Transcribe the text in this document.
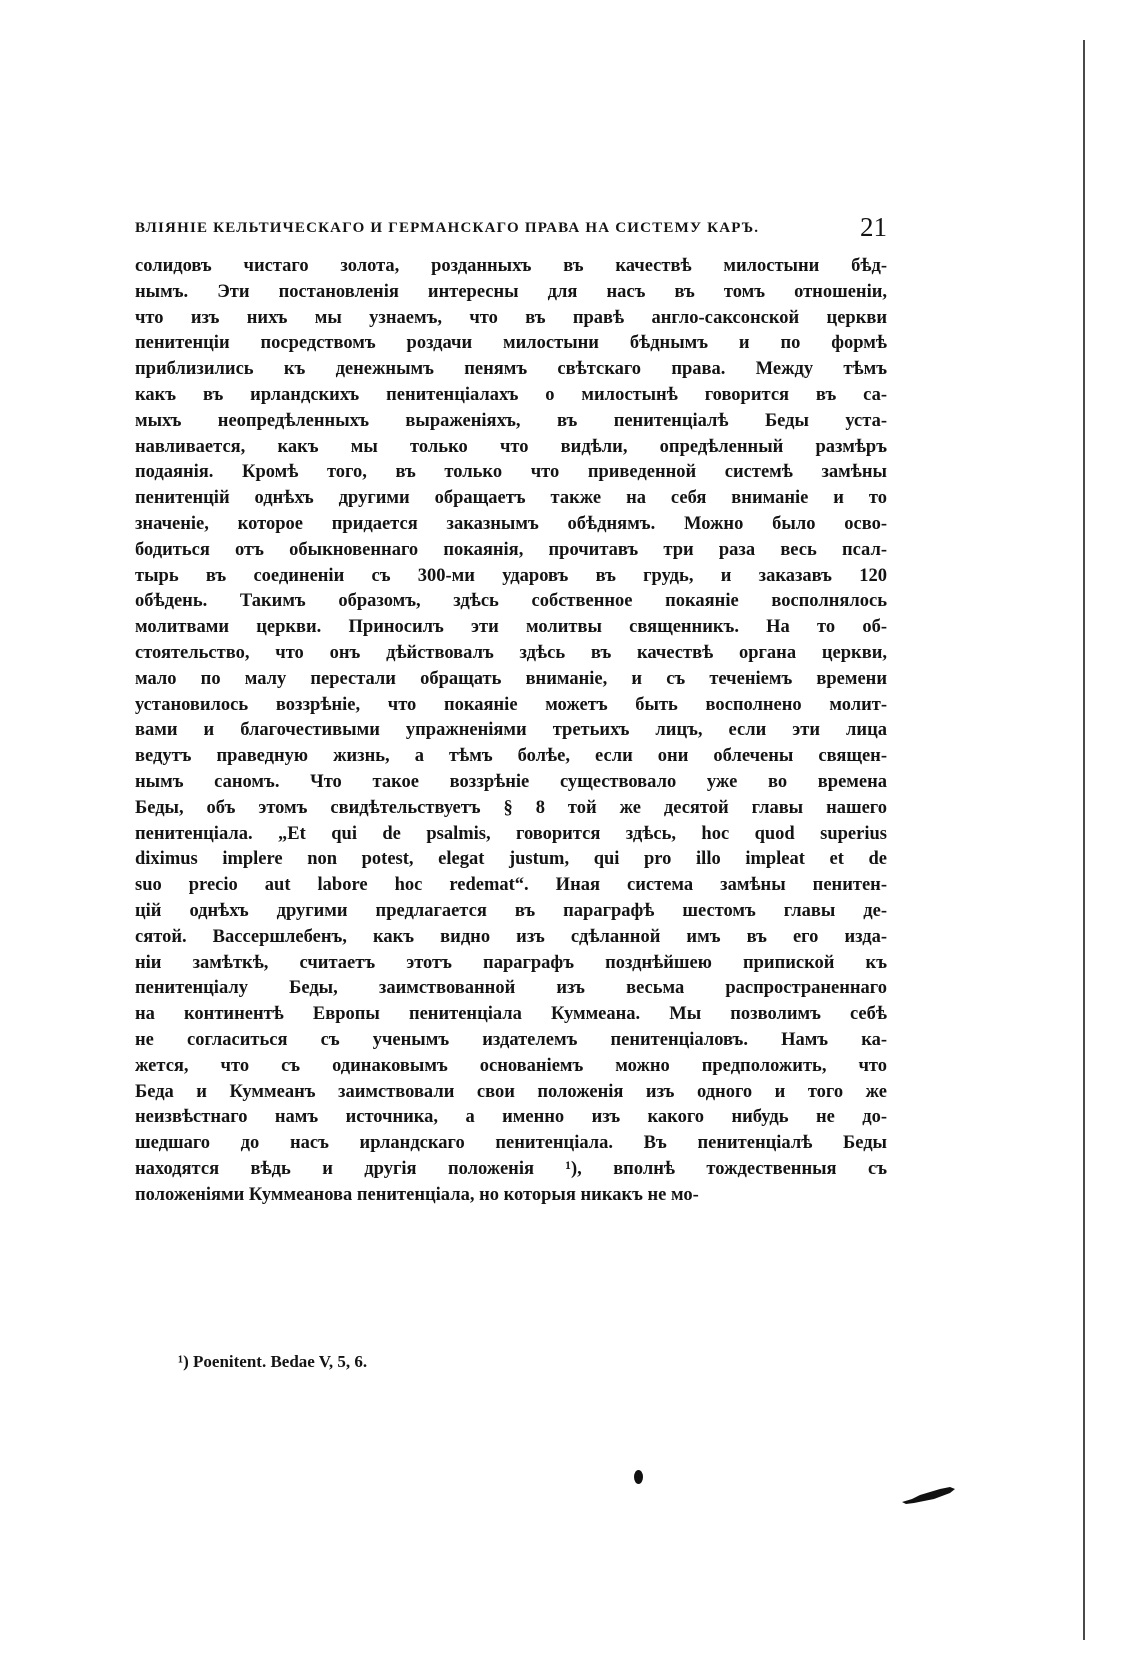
ВЛІЯНІЕ КЕЛЬТИЧЕСКАГО И ГЕРМАНСКАГО ПРАВА НА СИСТЕМУ КАРЪ.	21
солидовъ чистаго золота, розданныхъ въ качествѣ милостыни бѣд-
нымъ. Эти постановленія интересны для насъ въ томъ отношеніи,
что изъ нихъ мы узнаемъ, что въ правѣ англо-саксонской церкви
пенитенціи посредствомъ роздачи милостыни бѣднымъ и по формѣ
приблизились къ денежнымъ пенямъ свѣтскаго права. Между тѣмъ
какъ въ ирландскихъ пенитенціалахъ о милостынѣ говорится въ са-
мыхъ неопредѣленныхъ выраженіяхъ, въ пенитенціалѣ Беды уста-
навливается, какъ мы только что видѣли, опредѣленный размѣръ
подаянія. Кромѣ того, въ только что приведенной системѣ замѣны
пенитенцій однѣхъ другими обращаетъ также на себя вниманіе и то
значеніе, которое придается заказнымъ обѣднямъ. Можно было осво-
бодиться отъ обыкновеннаго покаянія, прочитавъ три раза весь псал-
тырь въ соединеніи съ 300-ми ударовъ въ грудь, и заказавъ 120
обѣдень. Такимъ образомъ, здѣсь собственное покаяніе восполнялось
молитвами церкви. Приносилъ эти молитвы священникъ. На то об-
стоятельство, что онъ дѣйствовалъ здѣсь въ качествѣ органа церкви,
мало по малу перестали обращать вниманіе, и съ теченіемъ времени
установилось воззрѣніе, что покаяніе можетъ быть восполнено молит-
вами и благочестивыми упражненіями третьихъ лицъ, если эти лица
ведутъ праведную жизнь, а тѣмъ болѣе, если они облечены священ-
нымъ саномъ. Что такое воззрѣніе существовало уже во времена
Беды, объ этомъ свидѣтельствуетъ § 8 той же десятой главы нашего
пенитенціала. „Et qui de psalmis, говорится здѣсь, hoc quod superius
diximus implere non potest, elegat justum, qui pro illo impleat et de
suo precio aut labore hoc redemat“. Иная система замѣны пенитен-
цій однѣхъ другими предлагается въ параграфѣ шестомъ главы де-
сятой. Вассершлебенъ, какъ видно изъ сдѣланной имъ въ его изда-
ніи замѣткѣ, считаетъ этотъ параграфъ позднѣйшею припиской къ
пенитенціалу Беды, заимствованной изъ весьма распространеннаго
на континентѣ Европы пенитенціала Куммеана. Мы позволимъ себѣ
не согласиться съ ученымъ издателемъ пенитенціаловъ. Намъ ка-
жется, что съ одинаковымъ основаніемъ можно предположить, что
Беда и Куммеанъ заимствовали свои положенія изъ одного и того же
неизвѣстнаго намъ источника, а именно изъ какого нибудь не до-
шедшаго до насъ ирландскаго пенитенціала. Въ пенитенціалѣ Беды
находятся вѣдь и другія положенія ¹), вполнѣ тождественныя съ
положеніями Куммеанова пенитенціала, но которыя никакъ не мо-
¹) Poenitent. Bedae V, 5, 6.
